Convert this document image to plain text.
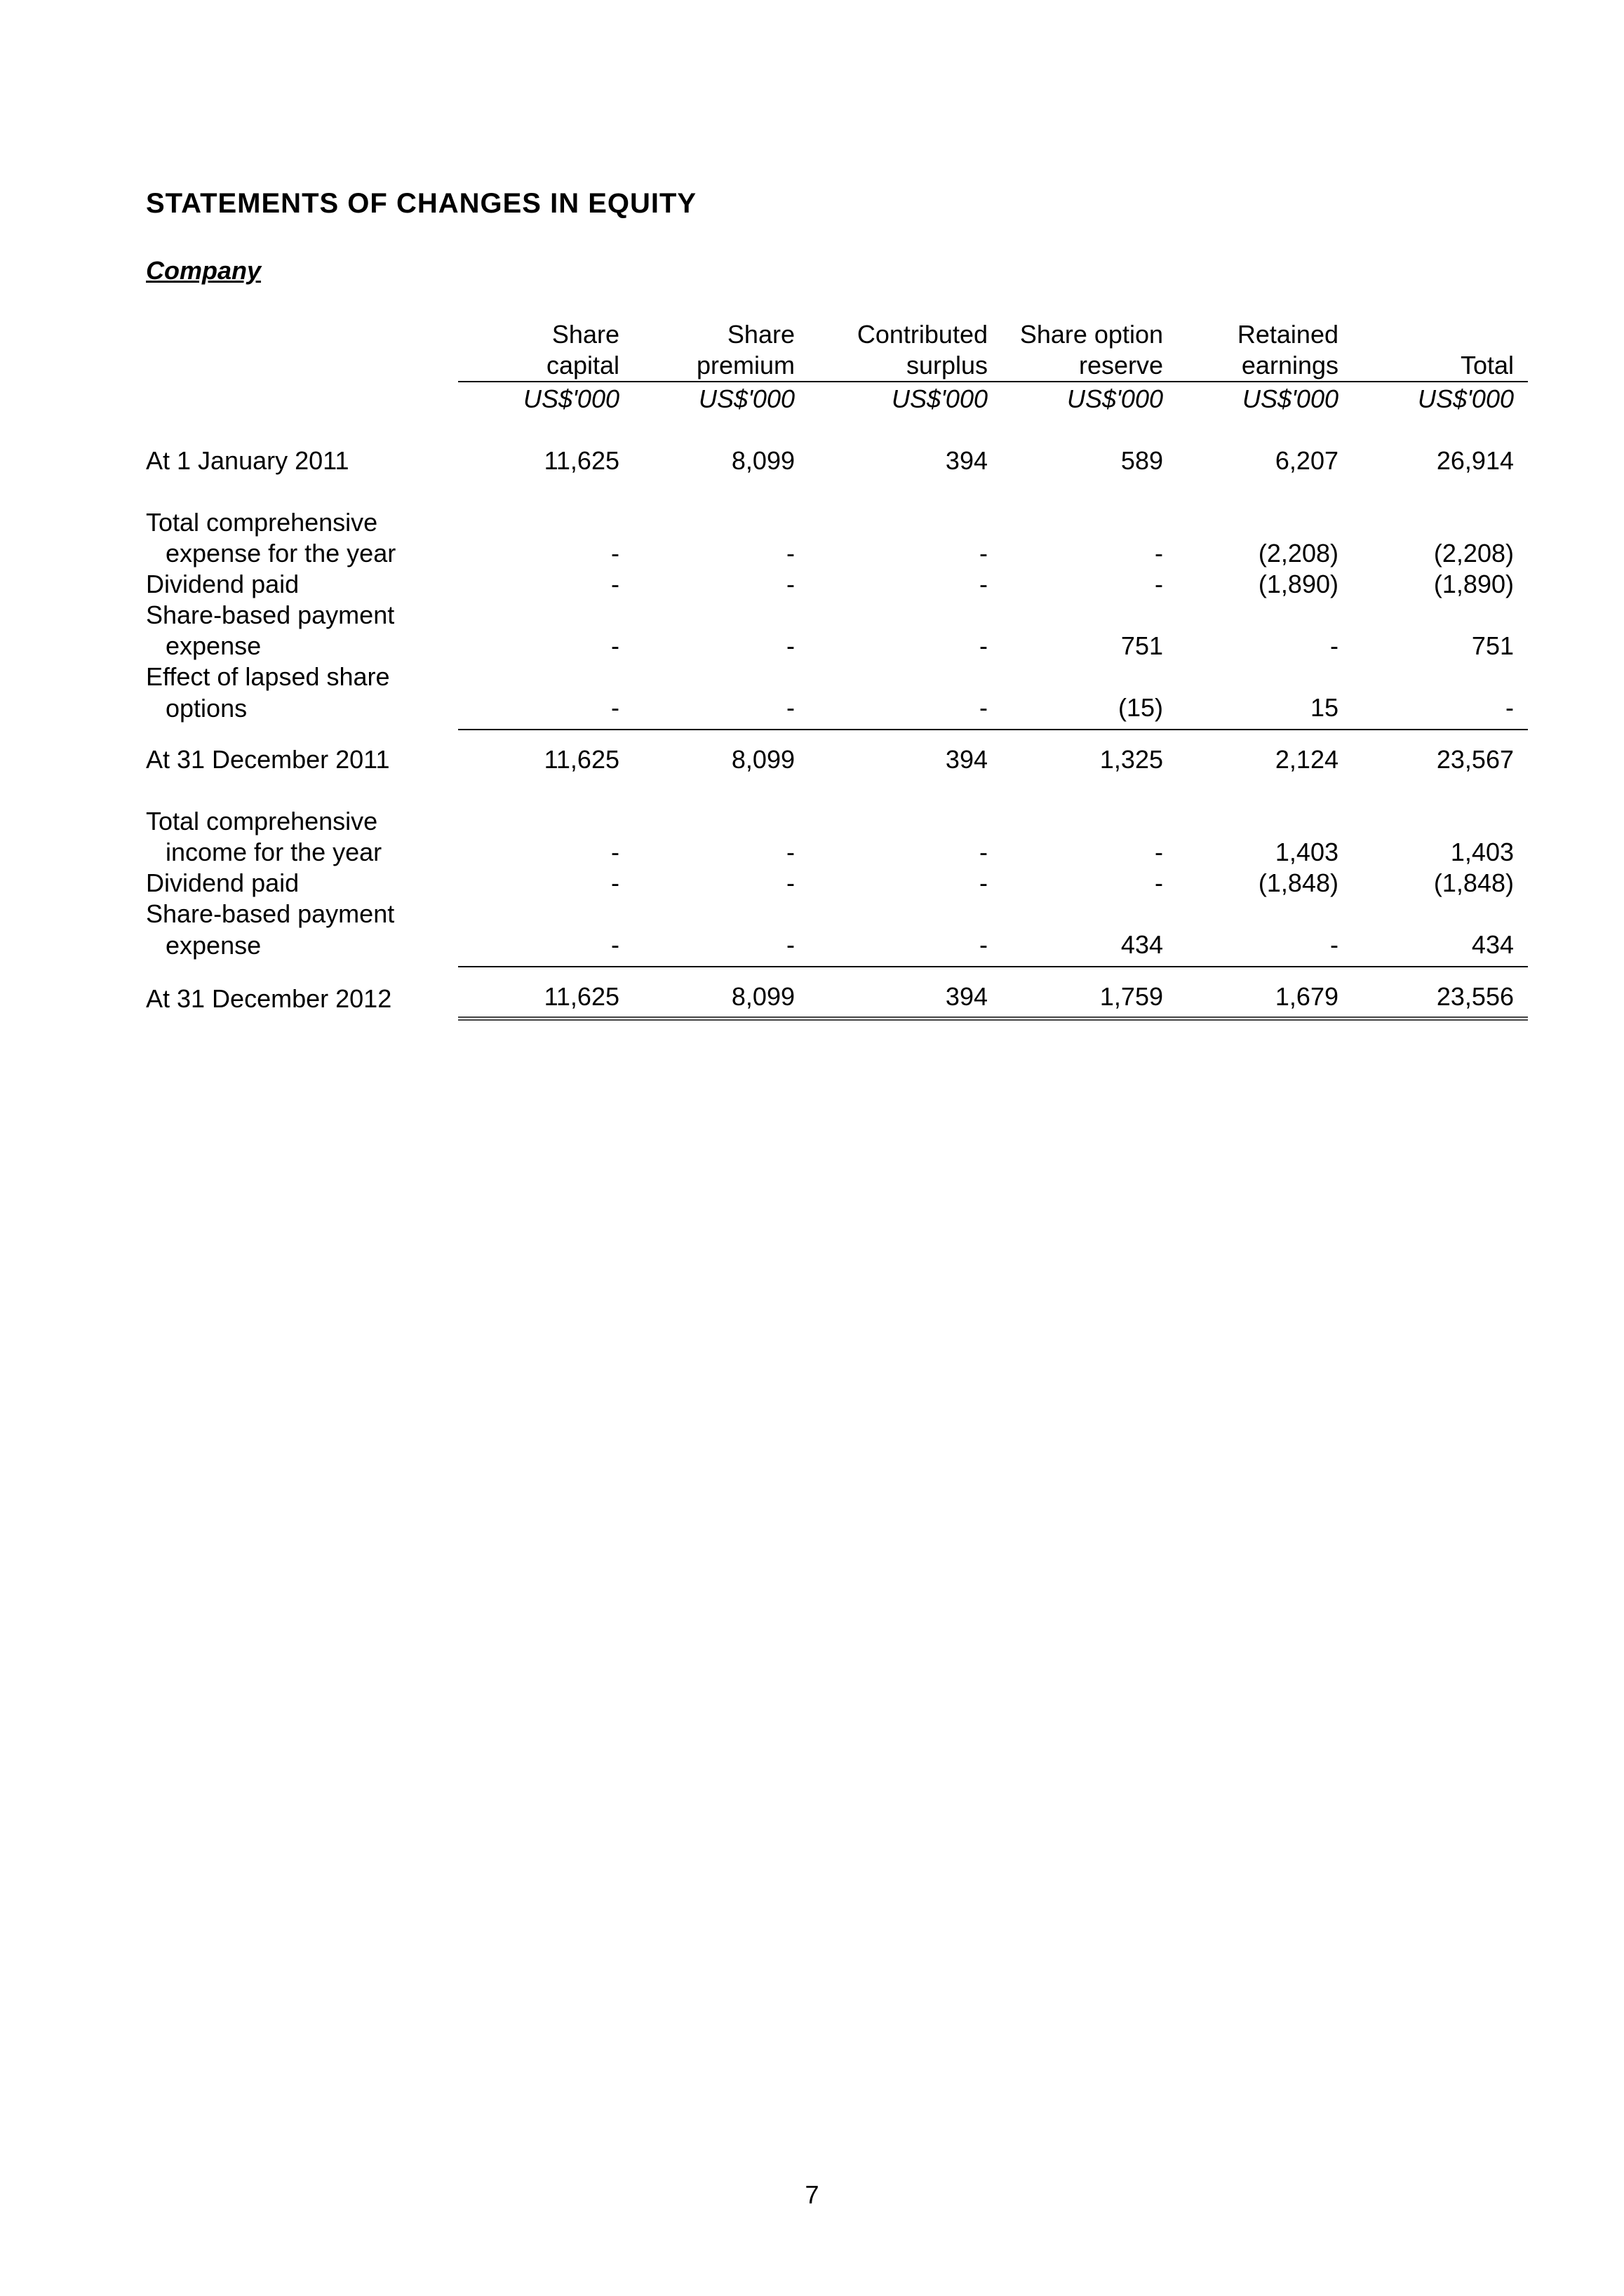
STATEMENTS OF CHANGES IN EQUITY
Company
	Share	Share	Contributed	Share option	Retained	
	capital	premium	surplus	reserve	earnings	Total
	US$'000	US$'000	US$'000	US$'000	US$'000	US$'000

At 1 January 2011	11,625	8,099	394	589	6,207	26,914

Total comprehensive						
expense for the year	-	-	-	-	(2,208)	(2,208)
Dividend paid	-	-	-	-	(1,890)	(1,890)
Share-based payment						
expense	-	-	-	751	-	751
Effect of lapsed share						
options	-	-	-	(15)	15	-
At 31 December 2011	11,625	8,099	394	1,325	2,124	23,567

Total comprehensive						
income for the year	-	-	-	-	1,403	1,403
Dividend paid	-	-	-	-	(1,848)	(1,848)
Share-based payment						
expense	-	-	-	434	-	434
At 31 December 2012	11,625	8,099	394	1,759	1,679	23,556
7
